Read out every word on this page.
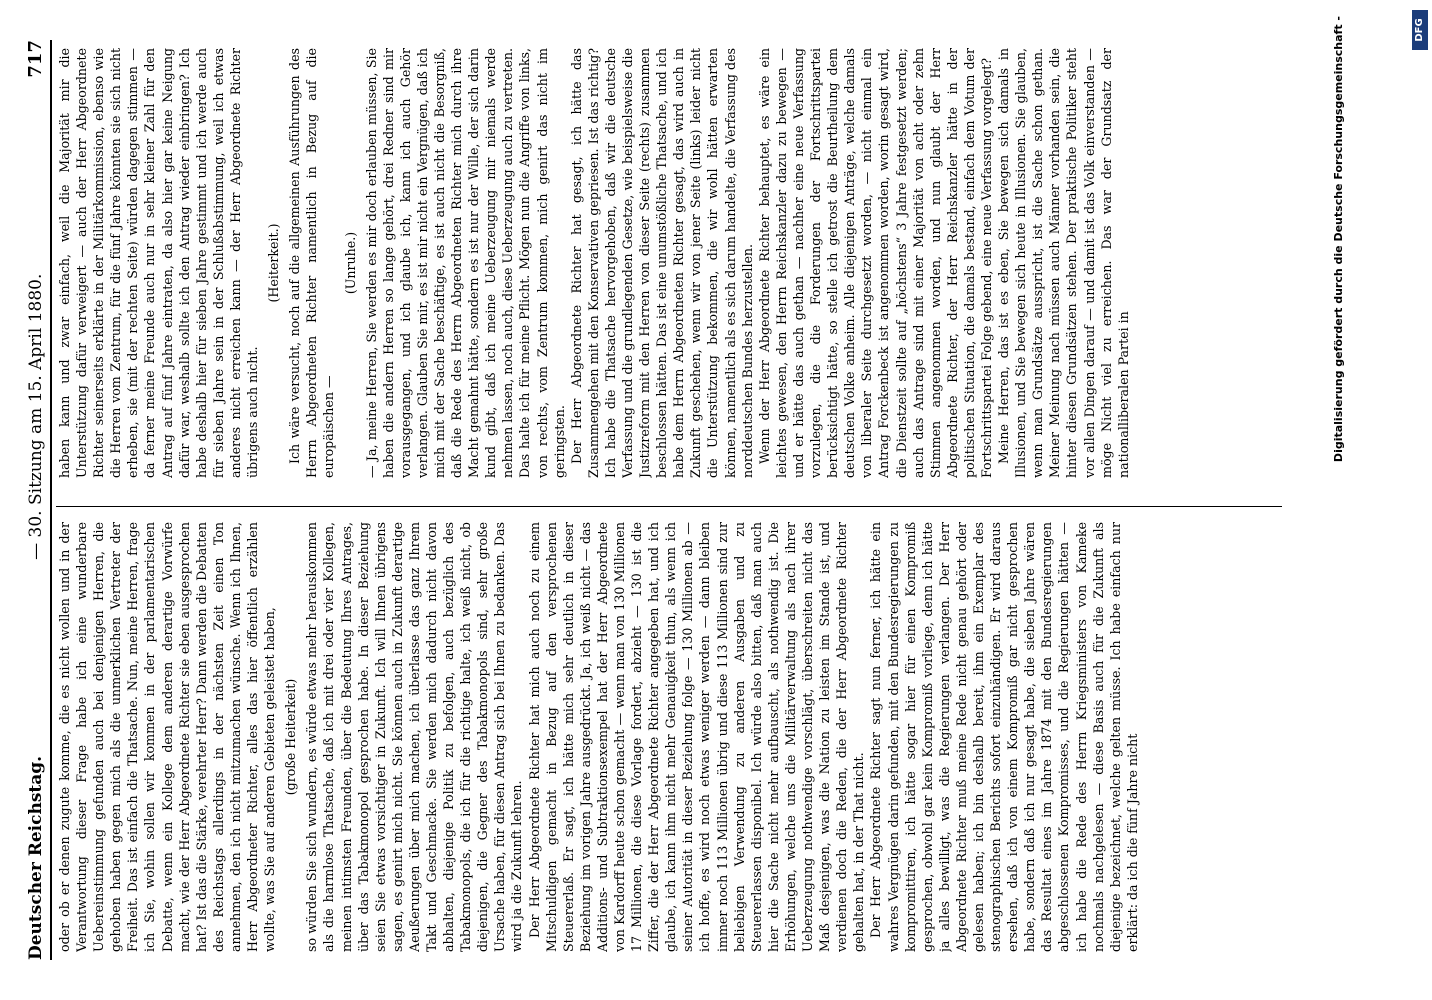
Deutscher Reichstag.
— 30. Sitzung am 15. April 1880.
717

oder ob er denen zugute komme, die es nicht wollen und in der Verantwortung dieser Frage habe ich eine wunderbare Uebereinstimmung gefunden auch bei denjenigen Herren, die gehoben haben gegen mich als die unmerklichen Vertreter der Freiheit. Das ist einfach die Thatsache. Nun, meine Herren, frage ich Sie, wohin sollen wir kommen in der parlamentarischen Debatte, wenn ein Kollege dem anderen derartige Vorwürfe macht, wie der Herr Abgeordnete Richter sie eben ausgesprochen hat? Ist das die Stärke, verehrter Herr? Dann werden die Debatten des Reichstags allerdings in der nächsten Zeit einen Ton annehmen, den ich nicht mitzumachen wünsche. Wenn ich Ihnen, Herr Abgeordneter Richter, alles das hier öffentlich erzählen wollte, was Sie auf anderen Gebieten geleistet haben, (große Heiterkeit) so würden Sie sich wundern, es würde etwas mehr herauskommen als die harmlose Thatsache, daß ich mit drei oder vier Kollegen, meinen intimsten Freunden, über die Bedeutung Ihres Antrages, über das Tabakmonopol gesprochen habe. In dieser Beziehung seien Sie etwas vorsichtiger in Zukunft. Ich will Ihnen übrigens sagen, es genirt mich nicht. Sie können auch in Zukunft derartige Aeußerungen über mich machen, ich überlasse das ganz Ihrem Takt und Geschmacke. Sie werden mich dadurch nicht davon abhalten, diejenige Politik zu befolgen, auch bezüglich des Tabakmonopols, die ich für die richtige halte, ich weiß nicht, ob diejenigen, die Gegner des Tabakmonopols sind, sehr große Ursache haben, für diesen Antrag sich bei Ihnen zu bedanken. Das wird ja die Zukunft lehren. Der Herr Abgeordnete Richter hat mich auch noch zu einem Mitschuldigen gemacht in Bezug auf den versprochenen Steuererlaß. Er sagt, ich hätte mich sehr deutlich in dieser Beziehung im vorigen Jahre ausgedrückt. Ja, ich weiß nicht — das Additions- und Subtraktionsexempel hat der Herr Abgeordnete von Kardorff heute schon gemacht — wenn man von 130 Millionen 17 Millionen, die diese Vorlage fordert, abzieht — 130 ist die Ziffer, die der Herr Abgeordnete Richter angegeben hat, und ich glaube, ich kann ihm nicht mehr Genauigkeit thun, als wenn ich seiner Autorität in dieser Beziehung folge — 130 Millionen ab — ich hoffe, es wird noch etwas weniger werden — dann bleiben immer noch 113 Millionen übrig und diese 113 Millionen sind zur beliebigen Verwendung zu anderen Ausgaben und zu Steuererlassen disponibel. Ich würde also bitten, daß man auch hier die Sache nicht mehr aufbauscht, als nothwendig ist. Die Erhöhungen, welche uns die Militärverwaltung als nach ihrer Ueberzeugung nothwendige vorschlägt, überschreiten nicht das Maß desjenigen, was die Nation zu leisten im Stande ist, und verdienen doch die Reden, die der Herr Abgeordnete Richter gehalten hat, in der That nicht. Der Herr Abgeordnete Richter sagt nun ferner, ich hätte ein wahres Vergnügen darin gefunden, mit den Bundesregierungen zu kompromittiren, ich hätte sogar hier für einen Kompromiß gesprochen, obwohl gar kein Kompromiß vorliege, denn ich hätte ja alles bewilligt, was die Regierungen verlangen. Der Herr Abgeordnete Richter muß meine Rede nicht genau gehört oder gelesen haben; ich bin deshalb bereit, ihm ein Exemplar des stenographischen Berichts sofort einzuhändigen. Er wird daraus ersehen, daß ich von einem Kompromiß gar nicht gesprochen habe, sondern daß ich nur gesagt habe, die sieben Jahre wären das Resultat eines im Jahre 1874 mit den Bundesregierungen abgeschlossenen Kompromisses, und die Regierungen hätten — ich habe die Rede des Herrn Kriegsministers von Kameke nochmals nachgelesen — diese Basis auch für die Zukunft als diejenige bezeichnet, welche gelten müsse. Ich habe einfach nur erklärt: da ich die fünf Jahre nicht

haben kann und zwar einfach, weil die Majorität mir die Unterstützung dafür verweigert — auch der Herr Abgeordnete Richter seinerseits erklärte in der Militärkommission, ebenso wie die Herren vom Zentrum, für die fünf Jahre könnten sie sich nicht erheben, sie (mit der rechten Seite) würden dagegen stimmen — da ferner meine Freunde auch nur in sehr kleiner Zahl für den Antrag auf fünf Jahre eintraten, da also hier gar keine Neigung dafür war, weshalb sollte ich den Antrag wieder einbringen? Ich habe deshalb hier für sieben Jahre gestimmt und ich werde auch für sieben Jahre sein in der Schlußabstimmung, weil ich etwas anderes nicht erreichen kann — der Herr Abgeordnete Richter übrigens auch nicht.

(Heiterkeit.) Ich wäre versucht, noch auf die allgemeinen Ausführungen des Herrn Abgeordneten Richter namentlich in Bezug auf die europäischen —

(Unruhe.) — Ja, meine Herren, Sie werden es mir doch erlauben müssen, Sie haben die andern Herren so lange gehört, drei Redner sind mir vorausgegangen, und ich glaube ich, kann ich auch Gehör verlangen. Glauben Sie mir, es ist mir nicht ein Vergnügen, daß ich mich mit der Sache beschäftige, es ist auch nicht die Besorgniß, daß die Rede des Herrn Abgeordneten Richter mich durch ihre Macht gemahnt hätte, sondern es ist nur der Wille, der sich darin kund gibt, daß ich meine Ueberzeugung mir niemals werde nehmen lassen, noch auch, diese Ueberzeugung auch zu vertreten. Das halte ich für meine Pflicht. Mögen nun die Angriffe von links, von rechts, vom Zentrum kommen, mich genirt das nicht im geringsten. Der Herr Abgeordnete Richter hat gesagt, ich hätte das Zusammengehen mit den Konservativen gepriesen. Ist das richtig? Ich habe die Thatsache hervorgehoben, daß wir die deutsche Verfassung und die grundlegenden Gesetze, wie beispielsweise die Justizreform mit den Herren von dieser Seite (rechts) zusammen beschlossen hätten. Das ist eine unumstößliche Thatsache, und ich habe dem Herrn Abgeordneten Richter gesagt, das wird auch in Zukunft geschehen, wenn wir von jener Seite (links) leider nicht die Unterstützung bekommen, die wir wohl hätten erwarten können, namentlich als es sich darum handelte, die Verfassung des norddeutschen Bundes herzustellen. Wenn der Herr Abgeordnete Richter behauptet, es wäre ein leichtes gewesen, den Herrn Reichskanzler dazu zu bewegen — und er hätte das auch gethan — nachher eine neue Verfassung vorzulegen, die die Forderungen der Fortschrittspartei berücksichtigt hätte, so stelle ich getrost die Beurtheilung dem deutschen Volke anheim. Alle diejenigen Anträge, welche damals von liberaler Seite durchgesetzt worden, — nicht einmal ein Antrag Forckenbeck ist angenommen worden, worin gesagt wird, die Dienstzeit sollte auf „höchstens“ 3 Jahre festgesetzt werden; auch das Antrage sind mit einer Majorität von acht oder zehn Stimmen angenommen worden, und nun glaubt der Herr Abgeordnete Richter, der Herr Reichskanzler hätte in der politischen Situation, die damals bestand, einfach dem Votum der Fortschrittspartei Folge gebend, eine neue Verfassung vorgelegt? Meine Herren, das ist es eben, Sie bewegen sich damals in Illusionen, und Sie bewegen sich heute in Illusionen. Sie glauben, wenn man Grundsätze ausspricht, ist die Sache schon gethan. Meiner Meinung nach müssen auch Männer vorhanden sein, die hinter diesen Grundsätzen stehen. Der praktische Politiker steht vor allen Dingen darauf — und damit ist das Volk einverstanden — möge Nicht viel zu erreichen. Das war der Grundsatz der nationalliberalen Partei in	Digitalisierung gefördert durch die Deutsche Forschungsgemeinschaft -	DFG
